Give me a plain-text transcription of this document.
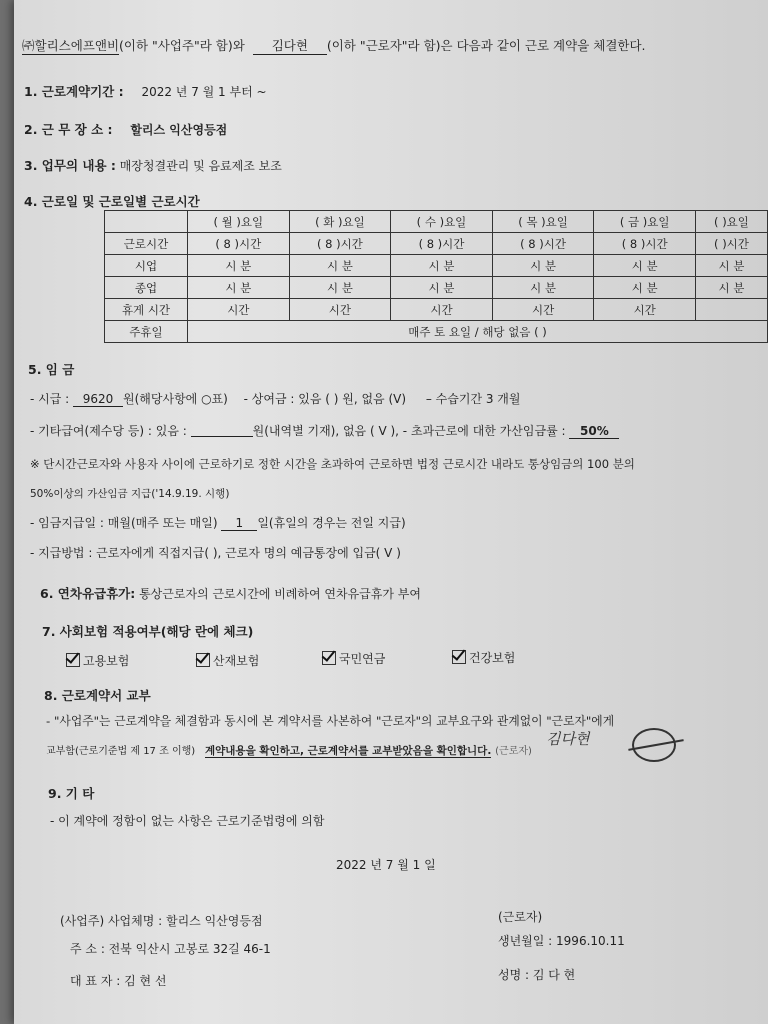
㈜할리스에프앤비(이하 "사업주"라 함)와 김다현 (이하 "근로자"라 함)은 다음과 같이 근로 계약을 체결한다.
1. 근로계약기간 : 2022 년 7 월 1 부터 ~
2. 근 무 장 소 : 할리스 익산영등점
3. 업무의 내용 : 매장청결관리 및 음료제조 보조
4. 근로일 및 근로일별 근로시간
	( 월 )요일	( 화 )요일	( 수 )요일	( 목 )요일	( 금 )요일	( )요일
근로시간	( 8 )시간	( 8 )시간	( 8 )시간	( 8 )시간	( 8 )시간	( )시간
시업	시 분	시 분	시 분	시 분	시 분	시 분
종업	시 분	시 분	시 분	시 분	시 분	시 분
휴게 시간	시간	시간	시간	시간	시간	
주휴일	매주 토 요일 / 해당 없음 ( )					
5. 임 금
- 시급 : 9620 원(해당사항에 ○표) - 상여금 : 있음 ( ) 원, 없음 (V) – 수습기간 3 개월
- 기타급여(제수당 등) : 있음 :	원(내역별 기재), 없음 ( V ), - 초과근로에 대한 가산임금률 : 50%
※ 단시간근로자와 사용자 사이에 근로하기로 정한 시간을 초과하여 근로하면 법정 근로시간 내라도 통상임금의 100 분의
50%이상의 가산임금 지급('14.9.19. 시행)
- 임금지급일 : 매월(매주 또는 매일) 1 일(휴일의 경우는 전일 지급)
- 지급방법 : 근로자에게 직접지급( ), 근로자 명의 예금통장에 입금( V )
6. 연차유급휴가: 통상근로자의 근로시간에 비례하여 연차유급휴가 부여
7. 사회보험 적용여부(해당 란에 체크)
고용보험	산재보험	국민연금	건강보험
8. 근로계약서 교부
- "사업주"는 근로계약을 체결함과 동시에 본 계약서를 사본하여 "근로자"의 교부요구와 관계없이 "근로자"에게
교부함(근로기준법 제 17 조 이행) 계약내용을 확인하고, 근로계약서를 교부받았음을 확인합니다. (근로자)
김다현
9. 기 타
- 이 계약에 정함이 없는 사항은 근로기준법령에 의함
2022 년 7 월 1 일
(사업주) 사업체명 : 할리스 익산영등점
주 소 : 전북 익산시 고봉로 32길 46-1
대 표 자 : 김 현 선
(근로자)
생년월일 : 1996.10.11
성명 : 김 다 현
